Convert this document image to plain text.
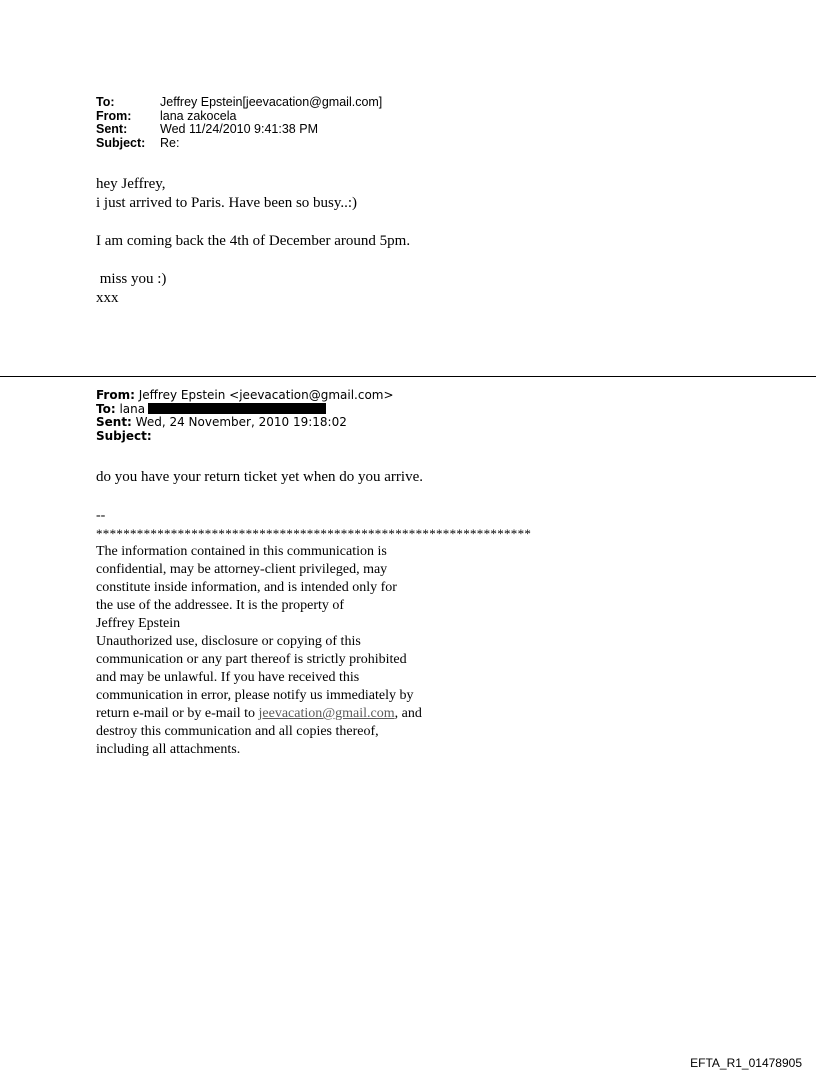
To:	Jeffrey Epstein[jeevacation@gmail.com]
From:	lana zakocela
Sent:	Wed 11/24/2010 9:41:38 PM
Subject:	Re:

hey Jeffrey,

i just arrived to Paris. Have been so busy..:)

I am coming back the 4th of December around 5pm.

miss you :)

xxx

From: Jeffrey Epstein <jeevacation@gmail.com>
To: lana
Sent: Wed, 24 November, 2010 19:18:02
Subject:

do you have your return ticket yet when do you arrive.

--
****************************************************************
The information contained in this communication is
confidential, may be attorney-client privileged, may
constitute inside information, and is intended only for
the use of the addressee. It is the property of
Jeffrey Epstein
Unauthorized use, disclosure or copying of this
communication or any part thereof is strictly prohibited
and may be unlawful. If you have received this
communication in error, please notify us immediately by
return e-mail or by e-mail to jeevacation@gmail.com, and
destroy this communication and all copies thereof,
including all attachments.
EFTA_R1_01478905
